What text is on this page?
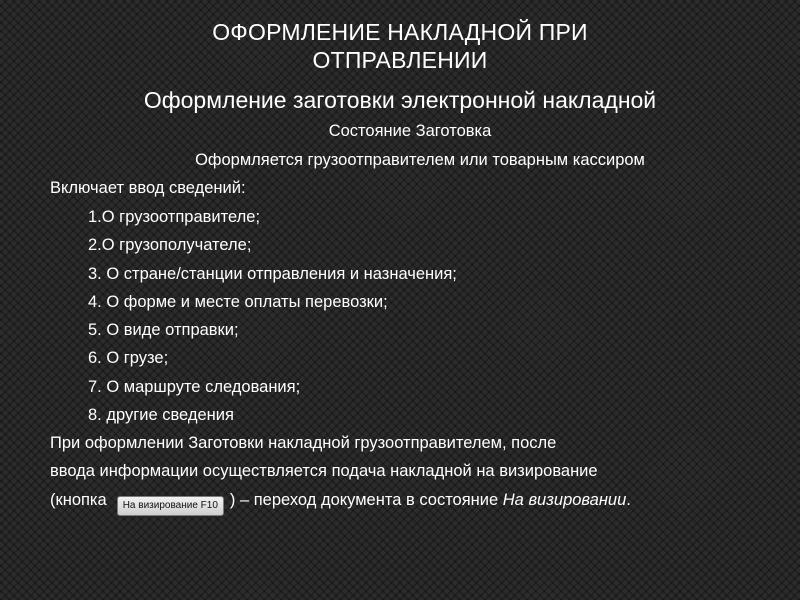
ОФОРМЛЕНИЕ НАКЛАДНОЙ ПРИ
ОТПРАВЛЕНИИ
Оформление заготовки электронной накладной
Состояние Заготовка
Оформляется грузоотправителем или товарным кассиром
Включает ввод сведений:
1.О грузоотправителе;
2.О грузополучателе;
3. О стране/станции отправления и назначения;
4. О форме и месте оплаты перевозки;
5. О виде отправки;
6. О грузе;
7. О маршруте следования;
8. другие сведения
При оформлении Заготовки накладной грузоотправителем, после
ввода информации осуществляется подача накладной на визирование
(кнопка На визирование F10 ) – переход документа в состояние На визировании.
